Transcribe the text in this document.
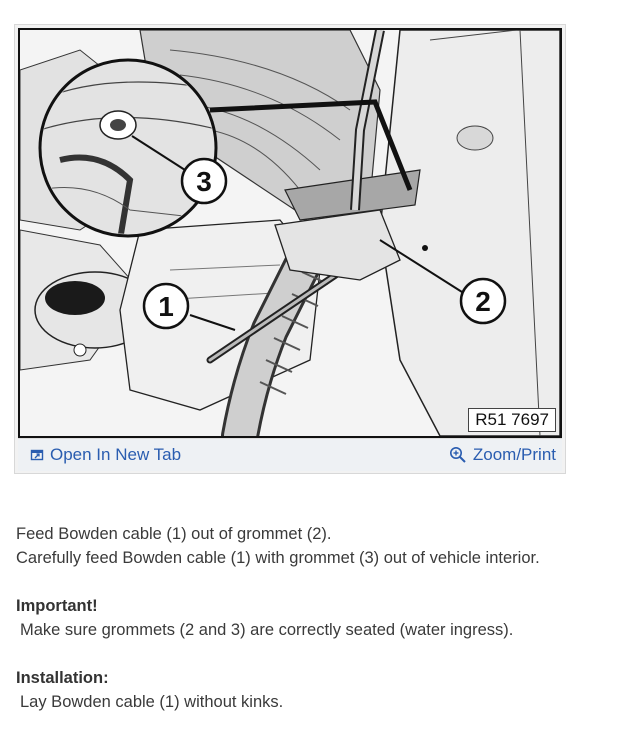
3
1	2
R51 7697
Open In New Tab	Zoom/Print

Feed Bowden cable (1) out of grommet (2).

Carefully feed Bowden cable (1) with grommet (3) out of vehicle interior.

Important!

Make sure grommets (2 and 3) are correctly seated (water ingress).

Installation:

Lay Bowden cable (1) without kinks.
